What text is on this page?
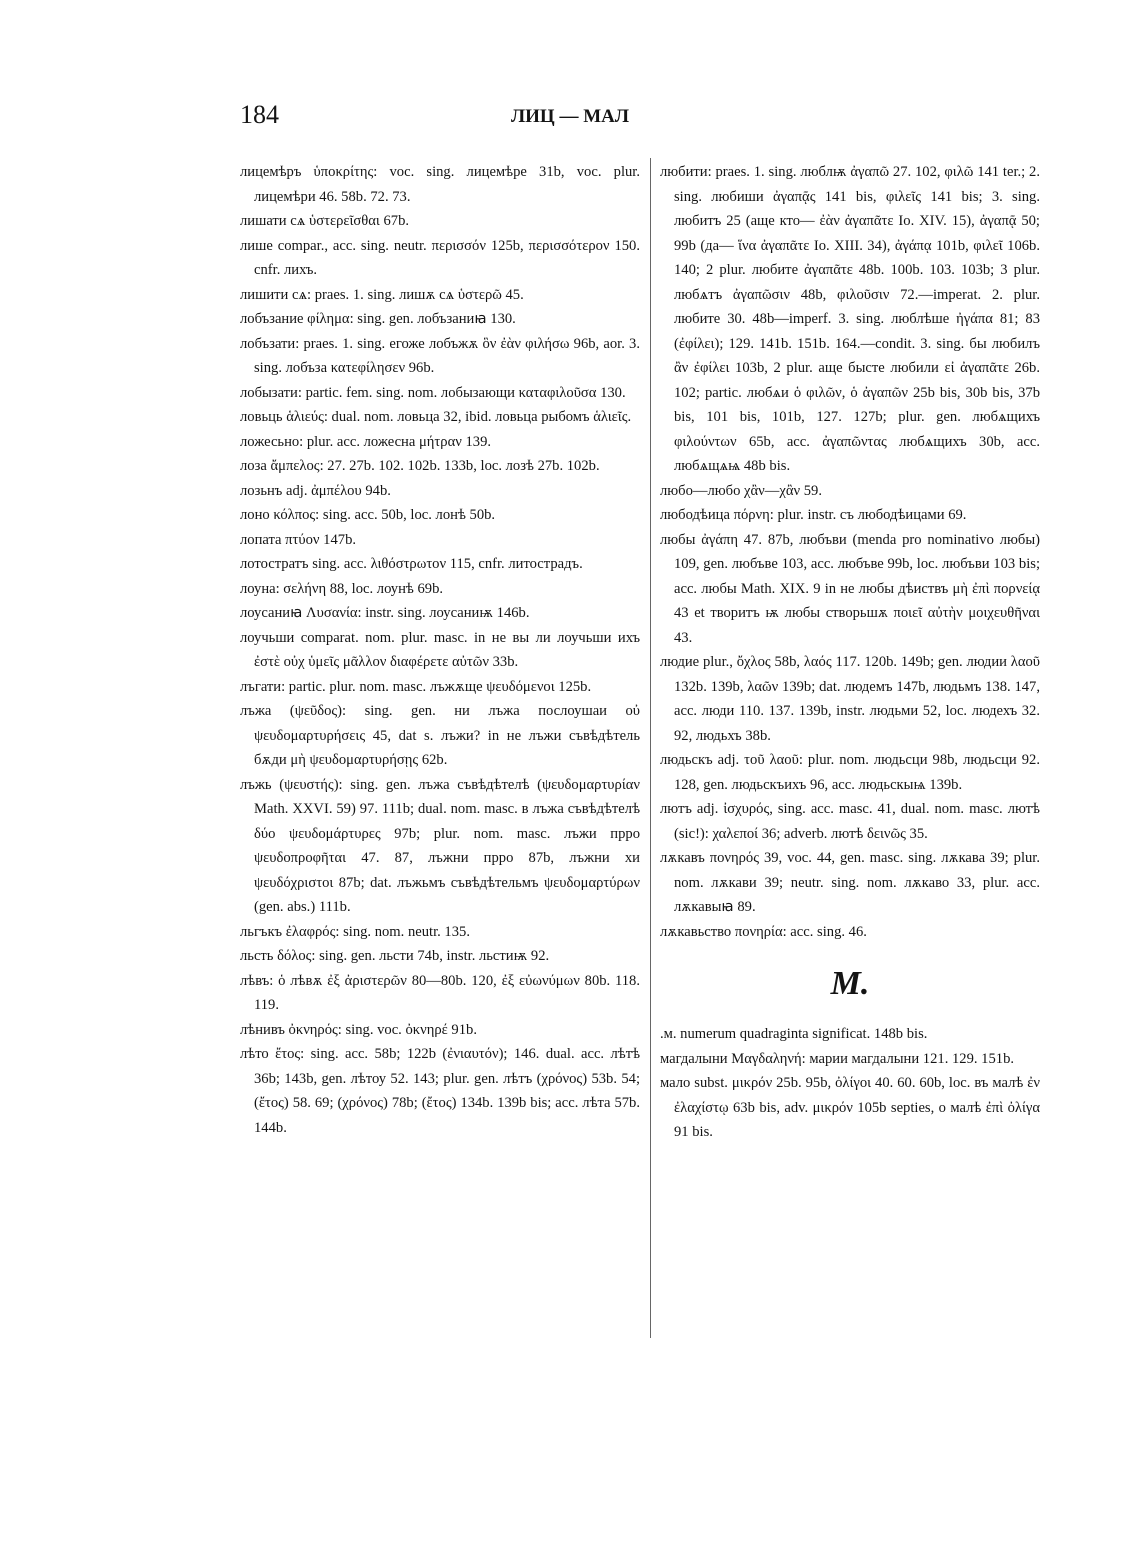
184	ЛИЦ — МАЛ

лицемѣръ ὑποκρίτης: voc. sing. лицемѣре 31b, voc. plur. лицемѣри 46. 58b. 72. 73.

лишати сѧ ὑστερεῖσθαι 67b.

лише compar., acc. sing. neutr. περισσόν 125b, περισσότερον 150. cnfr. лихъ.

лишити сѧ: praes. 1. sing. лишѫ сѧ ὑστερῶ 45.

лобъзание φίλημα: sing. gen. лобъзаниꙗ 130.

лобъзати: praes. 1. sing. егоже лобъжѫ ὃν ἐὰν φιλήσω 96b, aor. 3. sing. лобъза κατεφίλησεν 96b.

лобызати: partic. fem. sing. nom. лобызающи καταφιλοῦσα 130.

ловьць ἁλιεύς: dual. nom. ловьца 32, ibid. ловьца рыбомъ ἁλιεῖς.

ложесьно: plur. acc. ложесна μήτραν 139.

лоза ἄμπελος: 27. 27b. 102. 102b. 133b, loc. лозѣ 27b. 102b.

лозьнъ adj. ἀμπέλου 94b.

лоно κόλπος: sing. acc. 50b, loc. лонѣ 50b.

лопата πτύον 147b.

лотостратъ sing. acc. λιθόστρωτον 115, cnfr. литострадъ.

лоуна: σελήνη 88, loc. лоунѣ 69b.

лоусаниꙗ Λυσανία: instr. sing. лоусаниѭ 146b.

лоучьши comparat. nom. plur. masc. in не вы ли лоучьши ихъ ἐστὲ οὐχ ὑμεῖς μᾶλλον διαφέρετε αὐτῶν 33b.

лъгати: partic. plur. nom. masc. лъжѫще ψευδόμενοι 125b.

лъжа (ψεῦδος): sing. gen. ни лъжа послоушаи οὐ ψευδομαρτυρήσεις 45, dat s. лъжи? in не лъжи съвѣдѣтель бѫди μὴ ψευδομαρτυρήσῃς 62b.

лъжь (ψευστής): sing. gen. лъжа съвѣдѣтелѣ (ψευδομαρτυρίαν Math. XXVI. 59) 97. 111b; dual. nom. masc. в лъжа съвѣдѣтелѣ δύο ψευδομάρτυρες 97b; plur. nom. masc. лъжи прро ψευδοπροφῆται 47. 87, лъжни прро 87b, лъжни хи ψευδόχριστοι 87b; dat. лъжьмъ съвѣдѣтельмъ ψευδομαρτύρων (gen. abs.) 111b.

льгъкъ ἐλαφρός: sing. nom. neutr. 135.

льсть δόλος: sing. gen. льсти 74b, instr. льстиѭ 92.

лѣвъ: ὁ лѣвѫ ἐξ ἀριστερῶν 80—80b. 120, ἐξ εὐωνύμων 80b. 118. 119.

лѣнивъ ὀκνηρός: sing. voc. ὀκνηρέ 91b.

лѣто ἔτος: sing. acc. 58b; 122b (ἐνιαυτόν); 146. dual. acc. лѣтѣ 36b; 143b, gen. лѣтоу 52. 143; plur. gen. лѣтъ (χρόνος) 53b. 54; (ἔτος) 58. 69; (χρόνος) 78b; (ἔτος) 134b. 139b bis; acc. лѣта 57b. 144b.

любити: praes. 1. sing. люблѭ ἀγαπῶ 27. 102, φιλῶ 141 ter.; 2. sing. любиши ἀγαπᾷς 141 bis, φιλεῖς 141 bis; 3. sing. любитъ 25 (аще кто— ἐὰν ἀγαπᾶτε Io. XIV. 15), ἀγαπᾷ 50; 99b (да— ἵνα ἀγαπᾶτε Io. XIII. 34), ἀγάπᾳ 101b, φιλεῖ 106b. 140; 2 plur. любите ἀγαπᾶτε 48b. 100b. 103. 103b; 3 plur. любѧтъ ἀγαπῶσιν 48b, φιλοῦσιν 72.—imperat. 2. plur. любите 30. 48b—imperf. 3. sing. люблѣше ἠγάπα 81; 83 (ἐφίλει); 129. 141b. 151b. 164.—condit. 3. sing. бы любилъ ἂν ἐφίλει 103b, 2 plur. аще бысте любили εἰ ἀγαπᾶτε 26b. 102; partic. любѧи ὁ φιλῶν, ὁ ἀγαπῶν 25b bis, 30b bis, 37b bis, 101 bis, 101b, 127. 127b; plur. gen. любѧщихъ φιλούντων 65b, acc. ἀγαπῶντας любѧщихъ 30b, acc. любѧщѧѩ 48b bis.

любо—любо χἂν—χἂν 59.

любодѣица πόρνη: plur. instr. съ любодѣицами 69.

любы ἀγάπη 47. 87b, любъви (menda pro nominativo любы) 109, gen. любъве 103, acc. любъве 99b, loc. любъви 103 bis; acc. любы Math. XIX. 9 in не любы дѣиствъ μὴ ἐπὶ πορνείᾳ 43 et творитъ ѭ любы створьшѫ ποιεῖ αὐτὴν μοιχευθῆναι 43.

людие plur., ὄχλος 58b, λαός 117. 120b. 149b; gen. людии λαοῦ 132b. 139b, λαῶν 139b; dat. людемъ 147b, людьмъ 138. 147, acc. люди 110. 137. 139b, instr. людьми 52, loc. людехъ 32. 92, людьхъ 38b.

людьскъ adj. τοῦ λαοῦ: plur. nom. людьсци 98b, людьсци 92. 128, gen. людьскъихъ 96, acc. людьскыѩ 139b.

лютъ adj. ἰσχυρός, sing. acc. masc. 41, dual. nom. masc. лютѣ (sic!): χαλεποί 36; adverb. лютѣ δεινῶς 35.

лѫкавъ πονηρός 39, voc. 44, gen. masc. sing. лѫкава 39; plur. nom. лѫкави 39; neutr. sing. nom. лѫкаво 33, plur. acc. лѫкавыꙗ 89.

лѫкавьство πονηρία: acc. sing. 46.

М.

.м. numerum quadraginta significat. 148b bis.

магдалыни Μαγδαληνή: марии магдалыни 121. 129. 151b.

мало subst. μικρόν 25b. 95b, ὀλίγοι 40. 60. 60b, loc. въ малѣ ἐν ἐλαχίστῳ 63b bis, adv. μικρόν 105b septies, о малѣ ἐπὶ ὀλίγα 91 bis.
